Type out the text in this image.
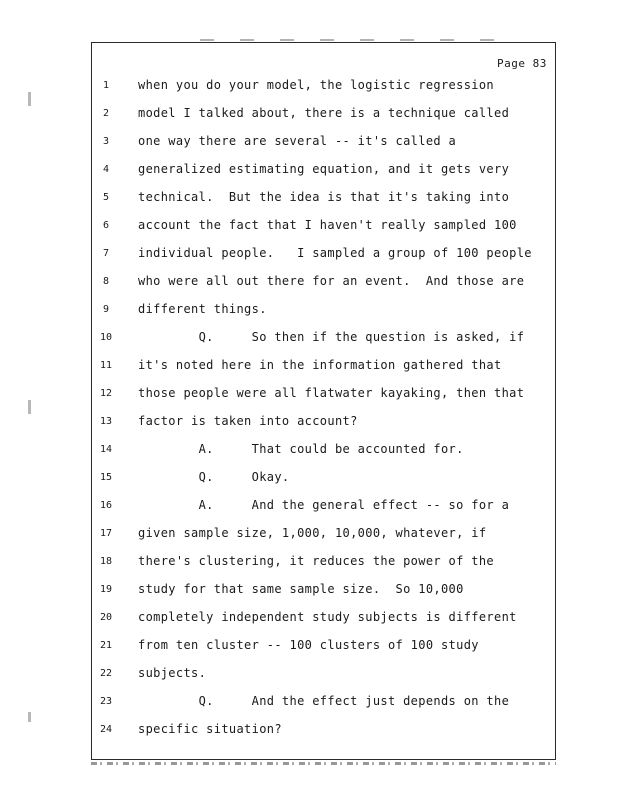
Page 83
1	when you do your model, the logistic regression
2	model I talked about, there is a technique called
3	one way there are several -- it's called a
4	generalized estimating equation, and it gets very
5	technical.  But the idea is that it's taking into
6	account the fact that I haven't really sampled 100
7	individual people.   I sampled a group of 100 people
8	who were all out there for an event.  And those are
9	different things.
10	Q.     So then if the question is asked, if
11	it's noted here in the information gathered that
12	those people were all flatwater kayaking, then that
13	factor is taken into account?
14	A.     That could be accounted for.
15	Q.     Okay.
16	A.     And the general effect -- so for a
17	given sample size, 1,000, 10,000, whatever, if
18	there's clustering, it reduces the power of the
19	study for that same sample size.  So 10,000
20	completely independent study subjects is different
21	from ten cluster -- 100 clusters of 100 study
22	subjects.
23	Q.     And the effect just depends on the
24	specific situation?
